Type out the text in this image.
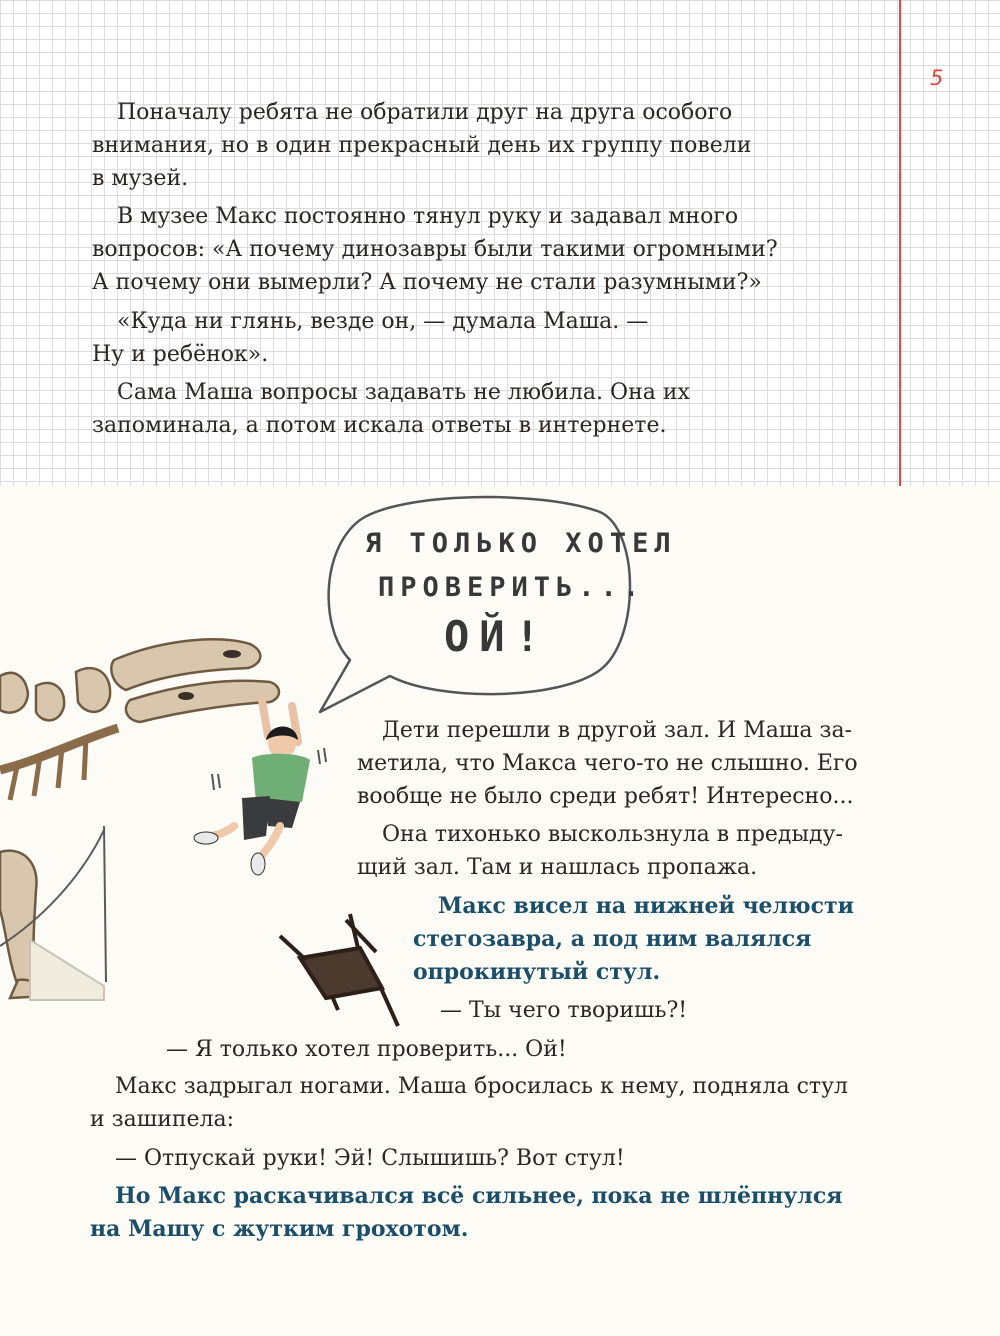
5

Поначалу ребята не обратили друг на друга особого
внимания, но в один прекрасный день их группу повели
в музей.

В музее Макс постоянно тянул руку и задавал много
вопросов: «А почему динозавры были такими огромными?
А почему они вымерли? А почему не стали разумными?»

«Куда ни глянь, везде он, — думала Маша. —
Ну и ребёнок».

Сама Маша вопросы задавать не любила. Она их
запоминала, а потом искала ответы в интернете.

Я ТОЛЬКО ХОТЕЛ
ПРОВЕРИТЬ...
ОЙ!

Дети перешли в другой зал. И Маша за-
метила, что Макса чего-то не слышно. Его
вообще не было среди ребят! Интересно...

Она тихонько выскользнула в предыду-
щий зал. Там и нашлась пропажа.

Макс висел на нижней челюсти
стегозавра, а под ним валялся
опрокинутый стул.

— Ты чего творишь?!

— Я только хотел проверить... Ой!

Макс задрыгал ногами. Маша бросилась к нему, подняла стул
и зашипела:

— Отпускай руки! Эй! Слышишь? Вот стул!

Но Макс раскачивался всё сильнее, пока не шлёпнулся
на Машу с жутким грохотом.
